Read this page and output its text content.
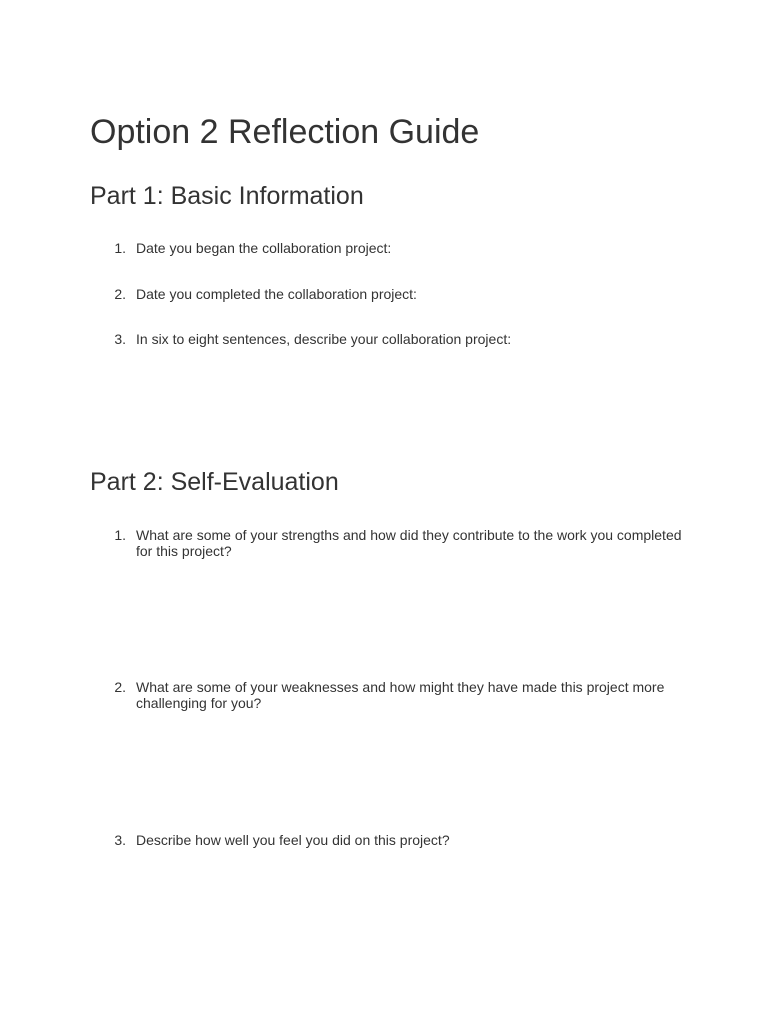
Option 2 Reflection Guide
Part 1: Basic Information
1. Date you began the collaboration project:
2. Date you completed the collaboration project:
3. In six to eight sentences, describe your collaboration project:
Part 2: Self-Evaluation
1. What are some of your strengths and how did they contribute to the work you completed for this project?
2. What are some of your weaknesses and how might they have made this project more challenging for you?
3. Describe how well you feel you did on this project?
